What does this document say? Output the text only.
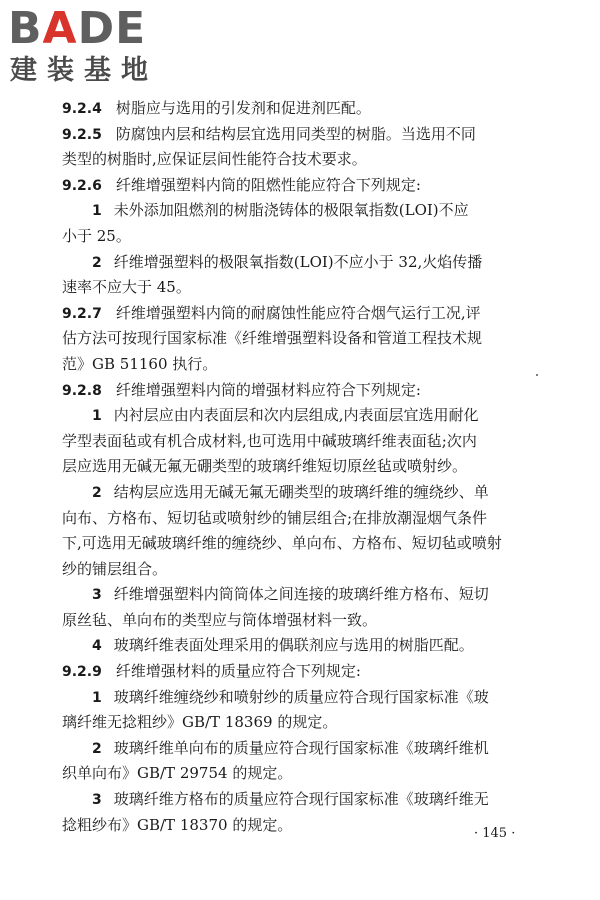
BADE
建装基地
9.2.4 树脂应与选用的引发剂和促进剂匹配。
9.2.5 防腐蚀内层和结构层宜选用同类型的树脂。当选用不同
类型的树脂时,应保证层间性能符合技术要求。
9.2.6 纤维增强塑料内筒的阻燃性能应符合下列规定:
1 未外添加阻燃剂的树脂浇铸体的极限氧指数(LOI)不应
小于 25。
2 纤维增强塑料的极限氧指数(LOI)不应小于 32,火焰传播
速率不应大于 45。
9.2.7 纤维增强塑料内筒的耐腐蚀性能应符合烟气运行工况,评
估方法可按现行国家标准《纤维增强塑料设备和管道工程技术规
范》GB 51160 执行。
9.2.8 纤维增强塑料内筒的增强材料应符合下列规定:
1 内衬层应由内表面层和次内层组成,内表面层宜选用耐化
学型表面毡或有机合成材料,也可选用中碱玻璃纤维表面毡;次内
层应选用无碱无氟无硼类型的玻璃纤维短切原丝毡或喷射纱。
2 结构层应选用无碱无氟无硼类型的玻璃纤维的缠绕纱、单
向布、方格布、短切毡或喷射纱的铺层组合;在排放潮湿烟气条件
下,可选用无碱玻璃纤维的缠绕纱、单向布、方格布、短切毡或喷射
纱的铺层组合。
3 纤维增强塑料内筒筒体之间连接的玻璃纤维方格布、短切
原丝毡、单向布的类型应与筒体增强材料一致。
4 玻璃纤维表面处理采用的偶联剂应与选用的树脂匹配。
9.2.9 纤维增强材料的质量应符合下列规定:
1 玻璃纤维缠绕纱和喷射纱的质量应符合现行国家标准《玻
璃纤维无捻粗纱》GB/T 18369 的规定。
2 玻璃纤维单向布的质量应符合现行国家标准《玻璃纤维机
织单向布》GB/T 29754 的规定。
3 玻璃纤维方格布的质量应符合现行国家标准《玻璃纤维无
捻粗纱布》GB/T 18370 的规定。	· 145 ·
